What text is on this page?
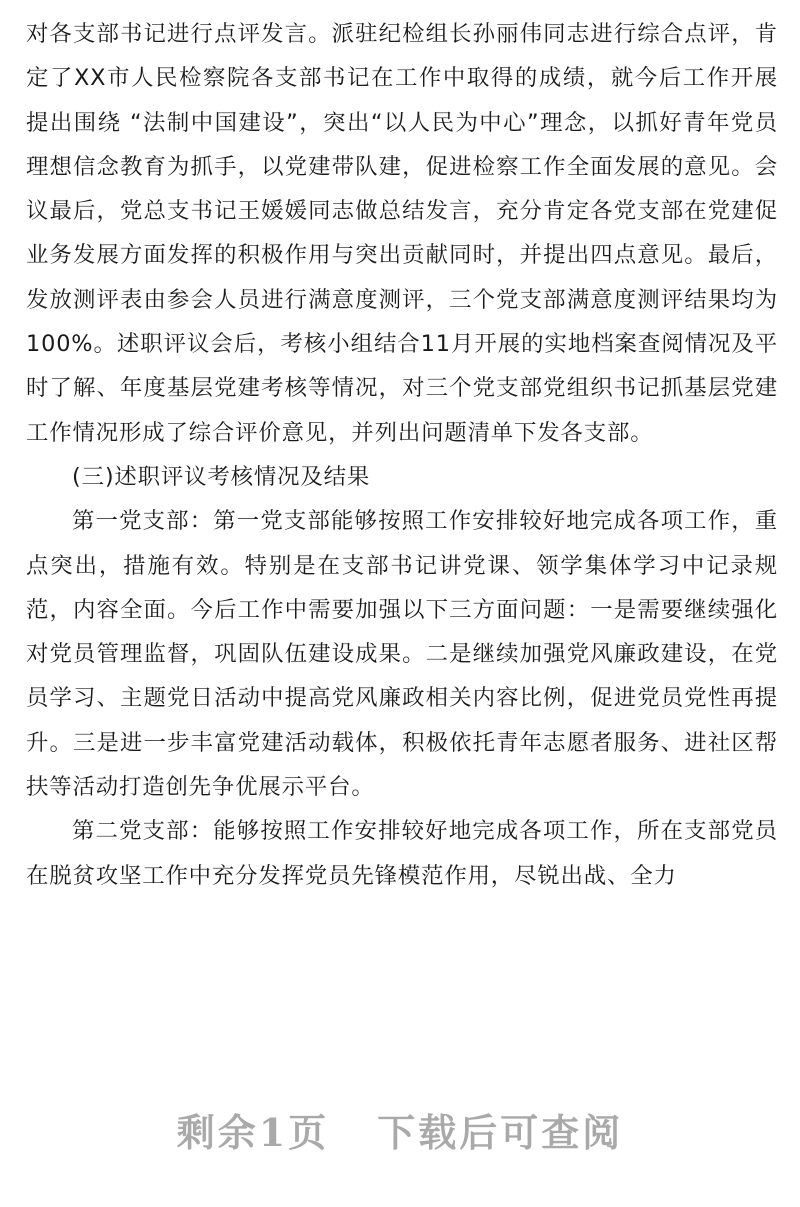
对各支部书记进行点评发言。派驻纪检组长孙丽伟同志进行综合点评，肯定了XX市人民检察院各支部书记在工作中取得的成绩，就今后工作开展提出围绕 “法制中国建设”，突出“以人民为中心”理念，以抓好青年党员理想信念教育为抓手，以党建带队建，促进检察工作全面发展的意见。会议最后，党总支书记王媛媛同志做总结发言，充分肯定各党支部在党建促业务发展方面发挥的积极作用与突出贡献同时，并提出四点意见。最后，发放测评表由参会人员进行满意度测评，三个党支部满意度测评结果均为100%。述职评议会后，考核小组结合11月开展的实地档案查阅情况及平时了解、年度基层党建考核等情况，对三个党支部党组织书记抓基层党建工作情况形成了综合评价意见，并列出问题清单下发各支部。

(三)述职评议考核情况及结果

第一党支部：第一党支部能够按照工作安排较好地完成各项工作，重点突出，措施有效。特别是在支部书记讲党课、领学集体学习中记录规范，内容全面。今后工作中需要加强以下三方面问题：一是需要继续强化对党员管理监督，巩固队伍建设成果。二是继续加强党风廉政建设，在党员学习、主题党日活动中提高党风廉政相关内容比例，促进党员党性再提升。三是进一步丰富党建活动载体，积极依托青年志愿者服务、进社区帮扶等活动打造创先争优展示平台。

第二党支部：能够按照工作安排较好地完成各项工作，所在支部党员在脱贫攻坚工作中充分发挥党员先锋模范作用，尽锐出战、全力

剩余1页 下载后可查阅
